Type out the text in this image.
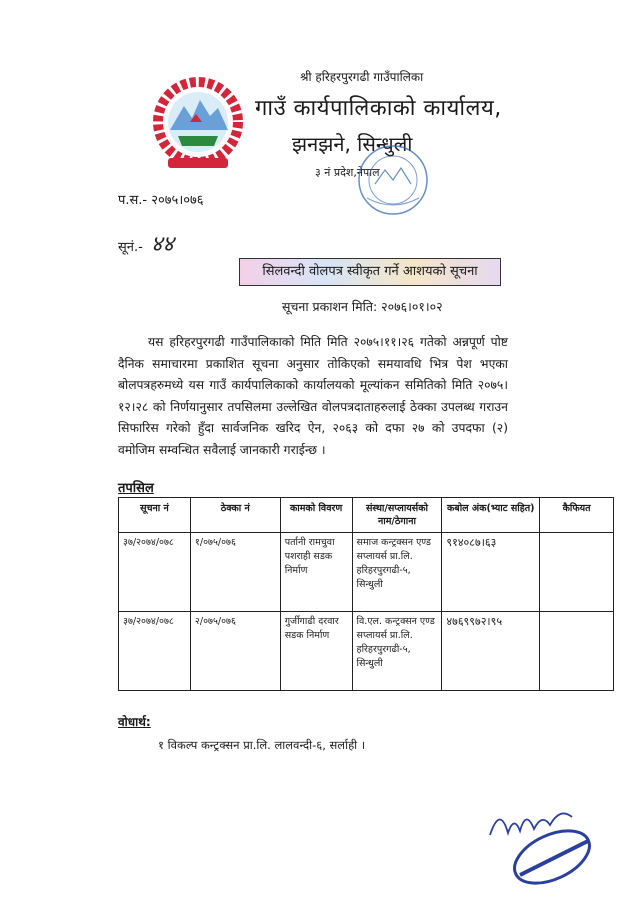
श्री हरिहरपुरगढी गाउँपालिका
गाउँ कार्यपालिकाको कार्यालय,
झनझने, सिन्धुली
३ नं प्रदेश,नेपाल
प.स.- २०७५।०७६
सूनं.- ४४
सिलवन्दी वोलपत्र स्वीकृत गर्ने आशयको सूचना
सूचना प्रकाशन मिति: २०७६।०१।०२
यस हरिहरपुरगढी गाउँपालिकाको मिति मिति २०७५।११।२६ गतेको अन्नपूर्ण पोष्ट दैनिक समाचारमा प्रकाशित सूचना अनुसार तोकिएको समयावधि भित्र पेश भएका बोलपत्रहरुमध्ये यस गाउँ कार्यपालिकाको कार्यालयको मूल्यांकन समितिको मिति २०७५।१२।२८ को निर्णयानुसार तपसिलमा उल्लेखित वोलपत्रदाताहरुलाई ठेक्का उपलब्ध गराउन सिफारिस गरेको हुँदा सार्वजनिक खरिद ऐन, २०६३ को दफा २७ को उपदफा (२) वमोजिम सम्वन्धित सवैलाई जानकारी गराईन्छ ।
तपसिल
सूचना नं	ठेक्का नं	कामको विवरण	संस्था/सप्लायर्सको नाम/ठेगाना	कबोल अंक(भ्याट सहित)	कैफियत
३७/२०७४/०७८	१/०७५/०७६	पर्तानी रामचुवा पशराही सडक निर्माण	समाज कन्ट्रक्सन एण्ड सप्लायर्स प्रा.लि. हरिहरपुरगढी-५, सिन्धुली	९१४०८७।६३	
३७/२०७४/०७८	२/०७५/०७६	गुर्जीगाढी दरवार सडक निर्माण	वि.एल. कन्ट्रक्सन एण्ड सप्लायर्स प्रा.लि. हरिहरपुरगढी-५, सिन्धुली	४७६९९७२।९५	
वोधार्थ:
१ विकल्प कन्ट्रक्सन प्रा.लि. लालवन्दी-६, सर्लाही ।
